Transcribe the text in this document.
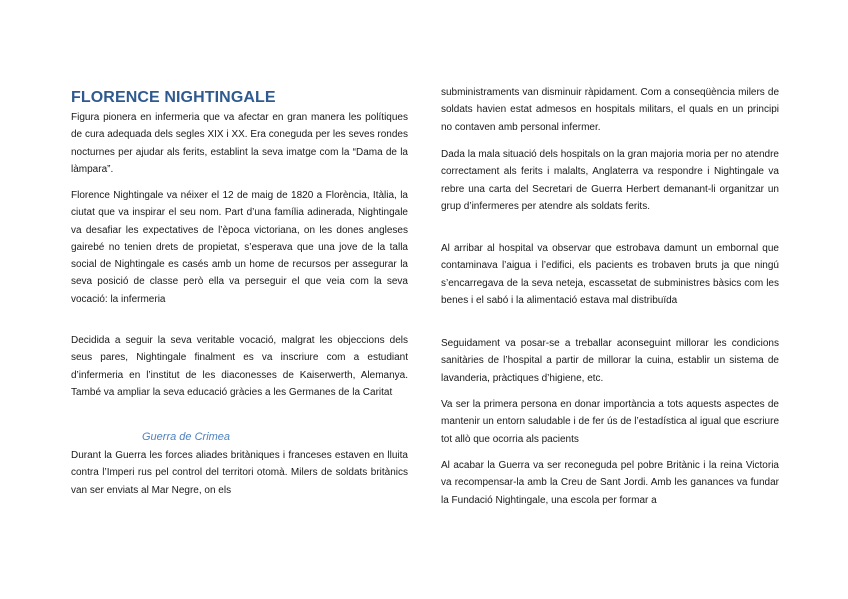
FLORENCE NIGHTINGALE

Figura pionera en infermeria que va afectar en gran manera les polítiques de cura adequada dels segles XIX i XX. Era coneguda per les seves rondes nocturnes per ajudar als ferits, establint la seva imatge com la “Dama de la làmpara”.

Florence Nightingale va néixer el 12 de maig de 1820 a Florència, Itàlia, la ciutat que va inspirar el seu nom. Part d’una família adinerada, Nightingale va desafiar les expectatives de l’època victoriana, on les dones angleses gairebé no tenien drets de propietat, s’esperava que una jove de la talla social de Nightingale es casés amb un home de recursos per assegurar la seva posició de classe però ella va perseguir el que veia com la seva vocació: la infermeria

Decidida a seguir la seva veritable vocació, malgrat les objeccions dels seus pares, Nightingale finalment es va inscriure com a estudiant d’infermeria en l’institut de les diaconesses de Kaiserwerth, Alemanya. També va ampliar la seva educació gràcies a les Germanes de la Caritat

Guerra de Crimea

Durant la Guerra les forces aliades britàniques i franceses estaven en lluita contra l’Imperi rus pel control del territori otomà. Milers de soldats britànics van ser enviats al Mar Negre, on els

subministraments van disminuir ràpidament. Com a conseqüència milers de soldats havien estat admesos en hospitals militars, el quals en un principi no contaven amb personal infermer.

Dada la mala situació dels hospitals on la gran majoria moria per no atendre correctament als ferits i malalts, Anglaterra va respondre i Nightingale va rebre una carta del Secretari de Guerra Herbert demanant-li organitzar un grup d’infermeres per atendre als soldats ferits.

Al arribar al hospital va observar que estrobava damunt un embornal que contaminava l’aigua i l’edifici, els pacients es trobaven bruts ja que ningú s’encarregava de la seva neteja, escassetat de subministres bàsics com les benes i el sabó i la alimentació estava mal distribuïda

Seguidament va posar-se a treballar aconseguint millorar les condicions sanitàries de l’hospital a partir de millorar la cuina, establir un sistema de lavanderia, pràctiques d’higiene, etc.

Va ser la primera persona en donar importància a tots aquests aspectes de mantenir un entorn saludable i de fer ús de l’estadística al igual que escriure tot allò que ocorria als pacients

Al acabar la Guerra va ser reconeguda pel pobre Britànic i la reina Victoria va recompensar-la amb la Creu de Sant Jordi. Amb les ganances va fundar la Fundació Nightingale, una escola per formar a
